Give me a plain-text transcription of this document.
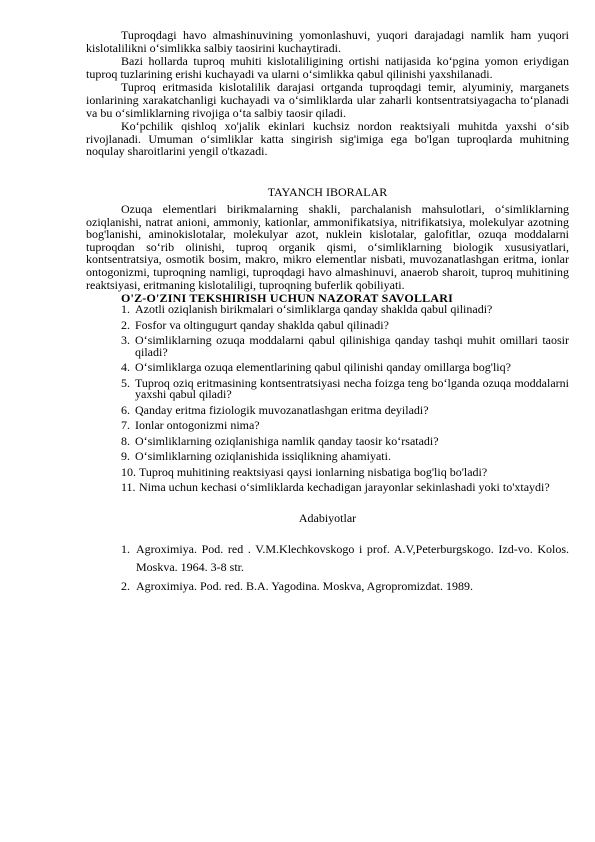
Tuproqdagi havo almashinuvining yomonlashuvi, yuqori darajadagi namlik ham yuqori kislotalilikni o‘simlikka salbiy taosirini kuchaytiradi.

Bazi hollarda tuproq muhiti kislotaliligining ortishi natijasida ko‘pgina yomon eriydigan tuproq tuzlarining erishi kuchayadi va ularni o‘simlikka qabul qilinishi yaxshilanadi.

Tuproq eritmasida kislotalilik darajasi ortganda tuproqdagi temir, alyuminiy, marganets ionlarining xarakatchanligi kuchayadi va o‘simliklarda ular zaharli kontsentratsiyagacha to‘planadi va bu o‘simliklarning rivojiga o‘ta salbiy taosir qiladi.

Ko‘pchilik qishloq xo'jalik ekinlari kuchsiz nordon reaktsiyali muhitda yaxshi o‘sib rivojlanadi. Umuman o‘simliklar katta singirish sig'imiga ega bo'lgan tuproqlarda muhitning noqulay sharoitlarini yengil o'tkazadi.

TAYANCH IBORALAR

Ozuqa elementlari birikmalarning shakli, parchalanish mahsulotlari, o‘simliklarning oziqlanishi, natrat anioni, ammoniy, kationlar, ammonifikatsiya, nitrifikatsiya, molekulyar azotning bog'lanishi, aminokislotalar, molekulyar azot, nuklein kislotalar, galofitlar, ozuqa moddalarni tuproqdan so‘rib olinishi, tuproq organik qismi, o‘simliklarning biologik xususiyatlari, kontsentratsiya, osmotik bosim, makro, mikro elementlar nisbati, muvozanatlashgan eritma, ionlar ontogonizmi, tuproqning namligi, tuproqdagi havo almashinuvi, anaerob sharoit, tuproq muhitining reaktsiyasi, eritmaning kislotaliligi, tuproqning buferlik qobiliyati.

O'Z-O'ZINI TEKSHIRISH UCHUN NAZORAT SAVOLLARI

1. Azotli oziqlanish birikmalari o‘simliklarga qanday shaklda qabul qilinadi?
2. Fosfor va oltingugurt qanday shaklda qabul qilinadi?
3. O‘simliklarning ozuqa moddalarni qabul qilinishiga qanday tashqi muhit omillari taosir qiladi?
4. O‘simliklarga ozuqa elementlarining qabul qilinishi qanday omillarga bog'liq?
5. Tuproq oziq eritmasining kontsentratsiyasi necha foizga teng bo‘lganda ozuqa moddalarni yaxshi qabul qiladi?
6. Qanday eritma fiziologik muvozanatlashgan eritma deyiladi?
7. Ionlar ontogonizmi nima?
8. O‘simliklarning oziqlanishiga namlik qanday taosir ko‘rsatadi?
9. O‘simliklarning oziqlanishida issiqlikning ahamiyati.
10. Tuproq muhitining reaktsiyasi qaysi ionlarning nisbatiga bog'liq bo'ladi?
11. Nima uchun kechasi o‘simliklarda kechadigan jarayonlar sekinlashadi yoki to'xtaydi?

Adabiyotlar

1. Agroximiya. Pod. red . V.M.Klechkovskogo i prof. A.V,Peterburgskogo. Izd-vo. Kolos. Moskva. 1964. 3-8 str.
2. Agroximiya. Pod. red. B.A. Yagodina. Moskva, Agropromizdat. 1989.
